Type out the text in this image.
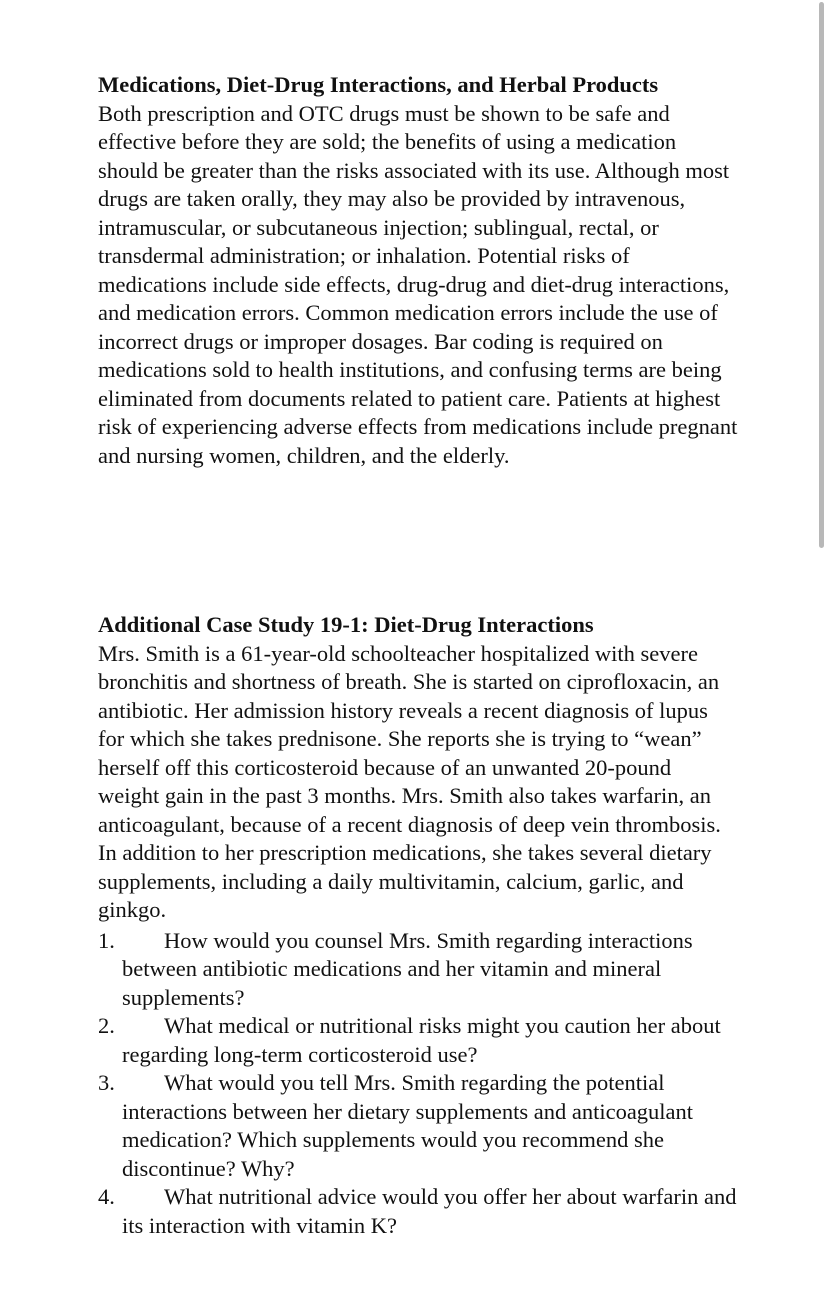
Medications, Diet-Drug Interactions, and Herbal Products

Both prescription and OTC drugs must be shown to be safe and effective before they are sold; the benefits of using a medication should be greater than the risks associated with its use. Although most drugs are taken orally, they may also be provided by intravenous, intramuscular, or subcutaneous injection; sublingual, rectal, or transdermal administration; or inhalation. Potential risks of medications include side effects, drug-drug and diet-drug interactions, and medication errors. Common medication errors include the use of incorrect drugs or improper dosages. Bar coding is required on medications sold to health institutions, and confusing terms are being eliminated from documents related to patient care. Patients at highest risk of experiencing adverse effects from medications include pregnant and nursing women, children, and the elderly.

Additional Case Study 19-1: Diet-Drug Interactions

Mrs. Smith is a 61-year-old schoolteacher hospitalized with severe bronchitis and shortness of breath. She is started on ciprofloxacin, an antibiotic. Her admission history reveals a recent diagnosis of lupus for which she takes prednisone. She reports she is trying to “wean” herself off this corticosteroid because of an unwanted 20-pound weight gain in the past 3 months. Mrs. Smith also takes warfarin, an anticoagulant, because of a recent diagnosis of deep vein thrombosis. In addition to her prescription medications, she takes several dietary supplements, including a daily multivitamin, calcium, garlic, and ginkgo.

1. How would you counsel Mrs. Smith regarding interactions between antibiotic medications and her vitamin and mineral supplements?
2. What medical or nutritional risks might you caution her about regarding long-term corticosteroid use?
3. What would you tell Mrs. Smith regarding the potential interactions between her dietary supplements and anticoagulant medication? Which supplements would you recommend she discontinue? Why?
4. What nutritional advice would you offer her about warfarin and its interaction with vitamin K?
